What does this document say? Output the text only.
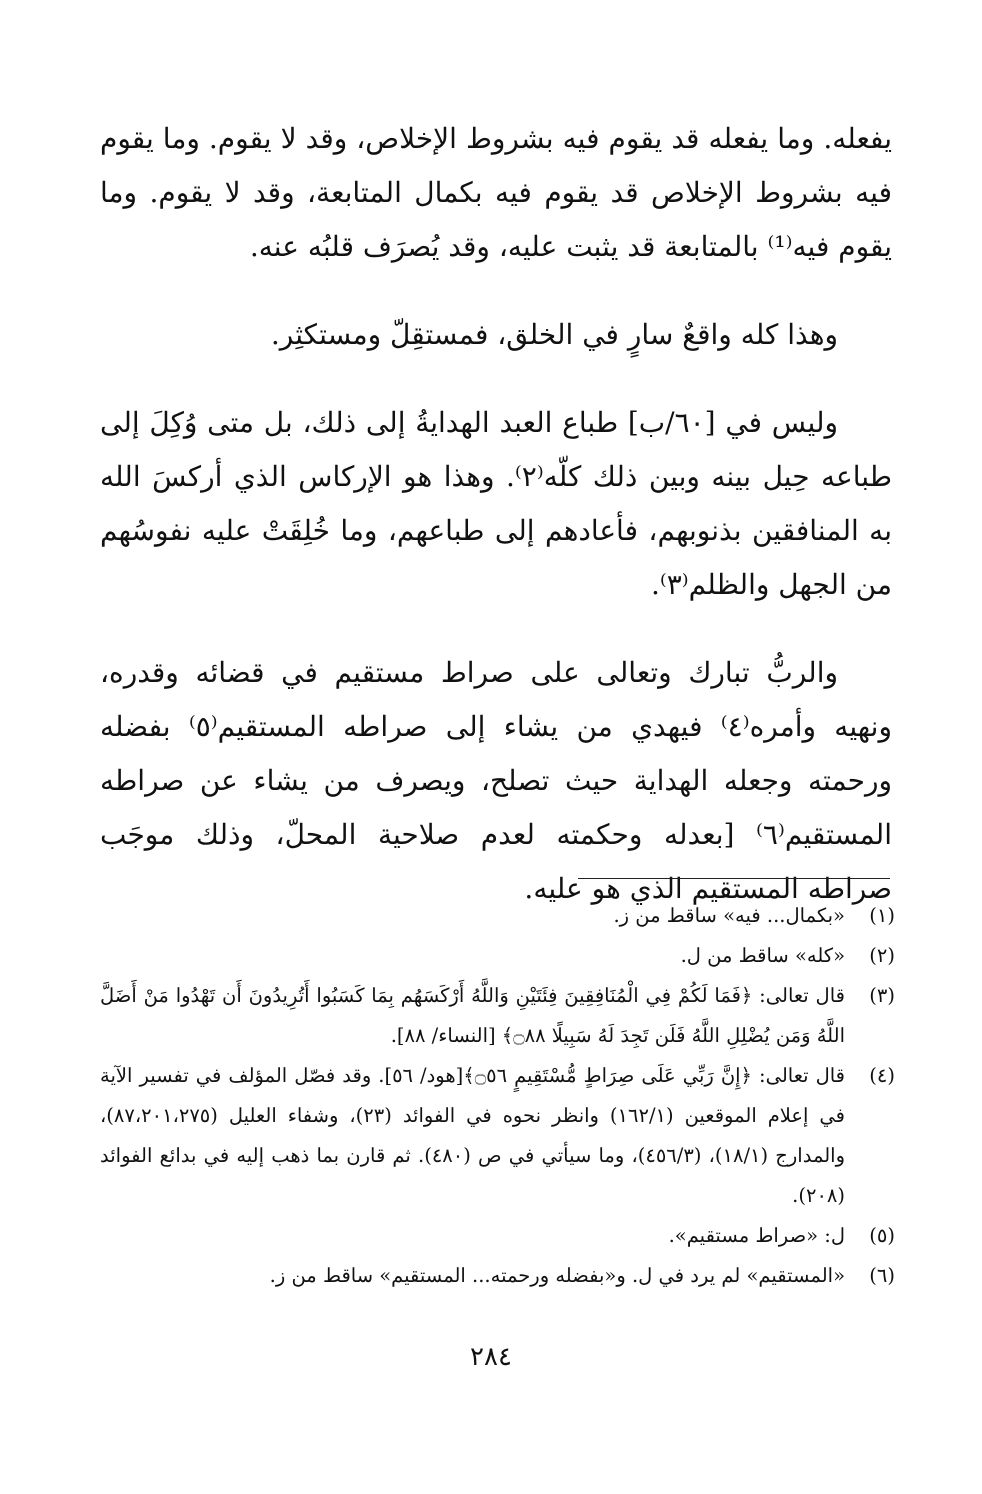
يفعله. وما يفعله قد يقوم فيه بشروط الإخلاص، وقد لا يقوم. وما يقوم فيه بشروط الإخلاص قد يقوم فيه بكمال المتابعة، وقد لا يقوم. وما يقوم فيه⁽¹⁾ بالمتابعة قد يثبت عليه، وقد يُصرَف قلبُه عنه.

وهذا كله واقعٌ سارٍ في الخلق، فمستقِلّ ومستكثِر.

وليس في [٦٠/ب] طباع العبد الهدايةُ إلى ذلك، بل متى وُكِلَ إلى طباعه حِيل بينه وبين ذلك كلّه⁽٢⁾. وهذا هو الإركاس الذي أركسَ الله به المنافقين بذنوبهم، فأعادهم إلى طباعهم، وما خُلِقَتْ عليه نفوسُهم من الجهل والظلم⁽٣⁾.

والربُّ تبارك وتعالى على صراط مستقيم في قضائه وقدره، ونهيه وأمره⁽٤⁾ فيهدي من يشاء إلى صراطه المستقيم⁽٥⁾ بفضله ورحمته وجعله الهداية حيث تصلح، ويصرف من يشاء عن صراطه المستقيم⁽٦⁾ [بعدله وحكمته لعدم صلاحية المحلّ، وذلك موجَب صراطه المستقيم الذي هو عليه.

(١)
«بكمال... فيه» ساقط من ز.
(٢)
«كله» ساقط من ل.
(٣)
قال تعالى: ﴿فَمَا لَكُمْ فِي الْمُنَافِقِينَ فِئَتَيْنِ وَاللَّهُ أَرْكَسَهُم بِمَا كَسَبُوا أَتُرِيدُونَ أَن تَهْدُوا مَنْ أَضَلَّ اللَّهُ وَمَن يُضْلِلِ اللَّهُ فَلَن تَجِدَ لَهُ سَبِيلًا ۝٨٨﴾ [النساء/ ٨٨].
(٤)
قال تعالى: ﴿إِنَّ رَبِّي عَلَى صِرَاطٍ مُّسْتَقِيمٍ ۝٥٦﴾[هود/ ٥٦]. وقد فصّل المؤلف في تفسير الآية في إعلام الموقعين (١٦٢/١) وانظر نحوه في الفوائد (٢٣)، وشفاء العليل (٨٧،٢٠١،٢٧٥)، والمدارج (١٨/١)، (٤٥٦/٣)، وما سيأتي في ص (٤٨٠). ثم قارن بما ذهب إليه في بدائع الفوائد (٢٠٨).
(٥)
ل: «صراط مستقيم».
(٦)
«المستقيم» لم يرد في ل. و«بفضله ورحمته... المستقيم» ساقط من ز.
٢٨٤
